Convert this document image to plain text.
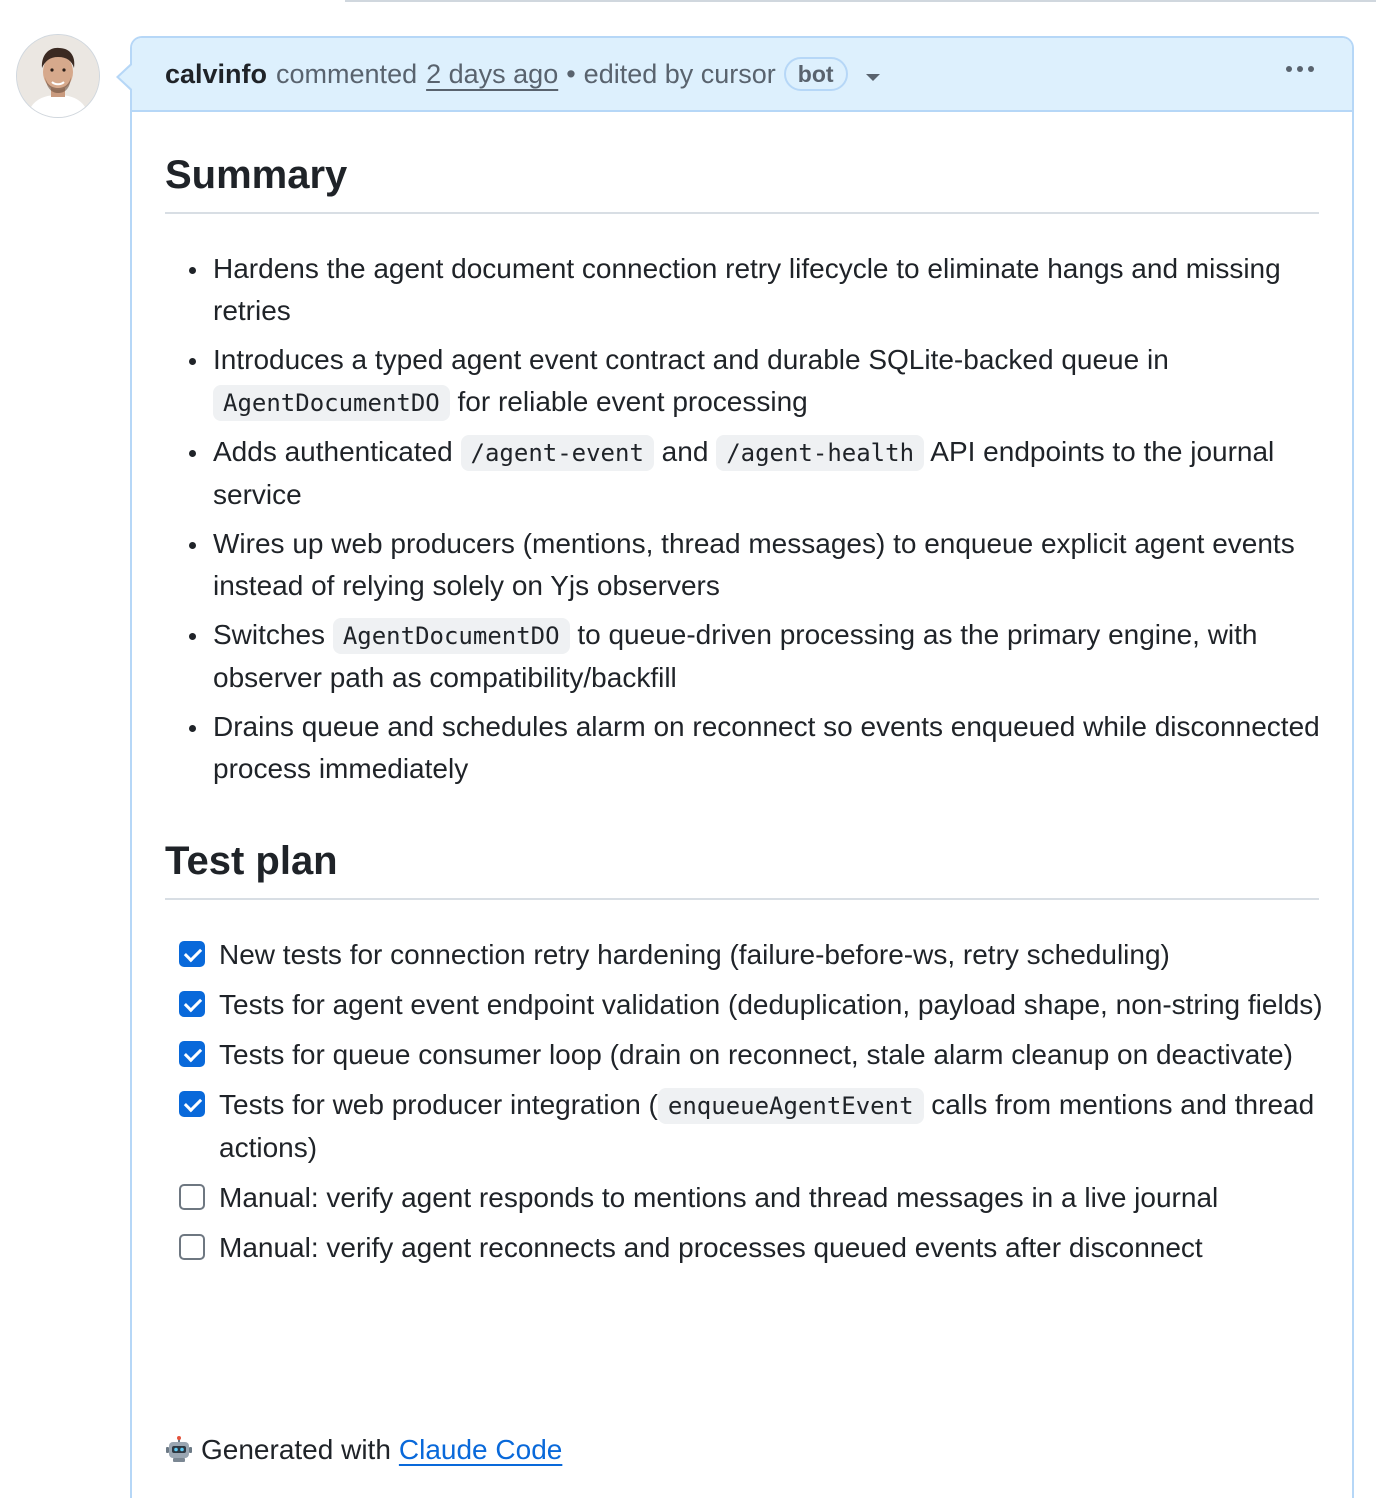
calvinfo commented 2 days ago • edited by cursor bot
Summary
Hardens the agent document connection retry lifecycle to eliminate hangs and missing retries
Introduces a typed agent event contract and durable SQLite-backed queue in AgentDocumentDO for reliable event processing
Adds authenticated /agent-event and /agent-health API endpoints to the journal service
Wires up web producers (mentions, thread messages) to enqueue explicit agent events instead of relying solely on Yjs observers
Switches AgentDocumentDO to queue-driven processing as the primary engine, with observer path as compatibility/backfill
Drains queue and schedules alarm on reconnect so events enqueued while disconnected process immediately
Test plan
New tests for connection retry hardening (failure-before-ws, retry scheduling)
Tests for agent event endpoint validation (deduplication, payload shape, non-string fields)
Tests for queue consumer loop (drain on reconnect, stale alarm cleanup on deactivate)
Tests for web producer integration ( enqueueAgentEvent calls from mentions and thread actions)
Manual: verify agent responds to mentions and thread messages in a live journal
Manual: verify agent reconnects and processes queued events after disconnect
Generated with Claude Code
